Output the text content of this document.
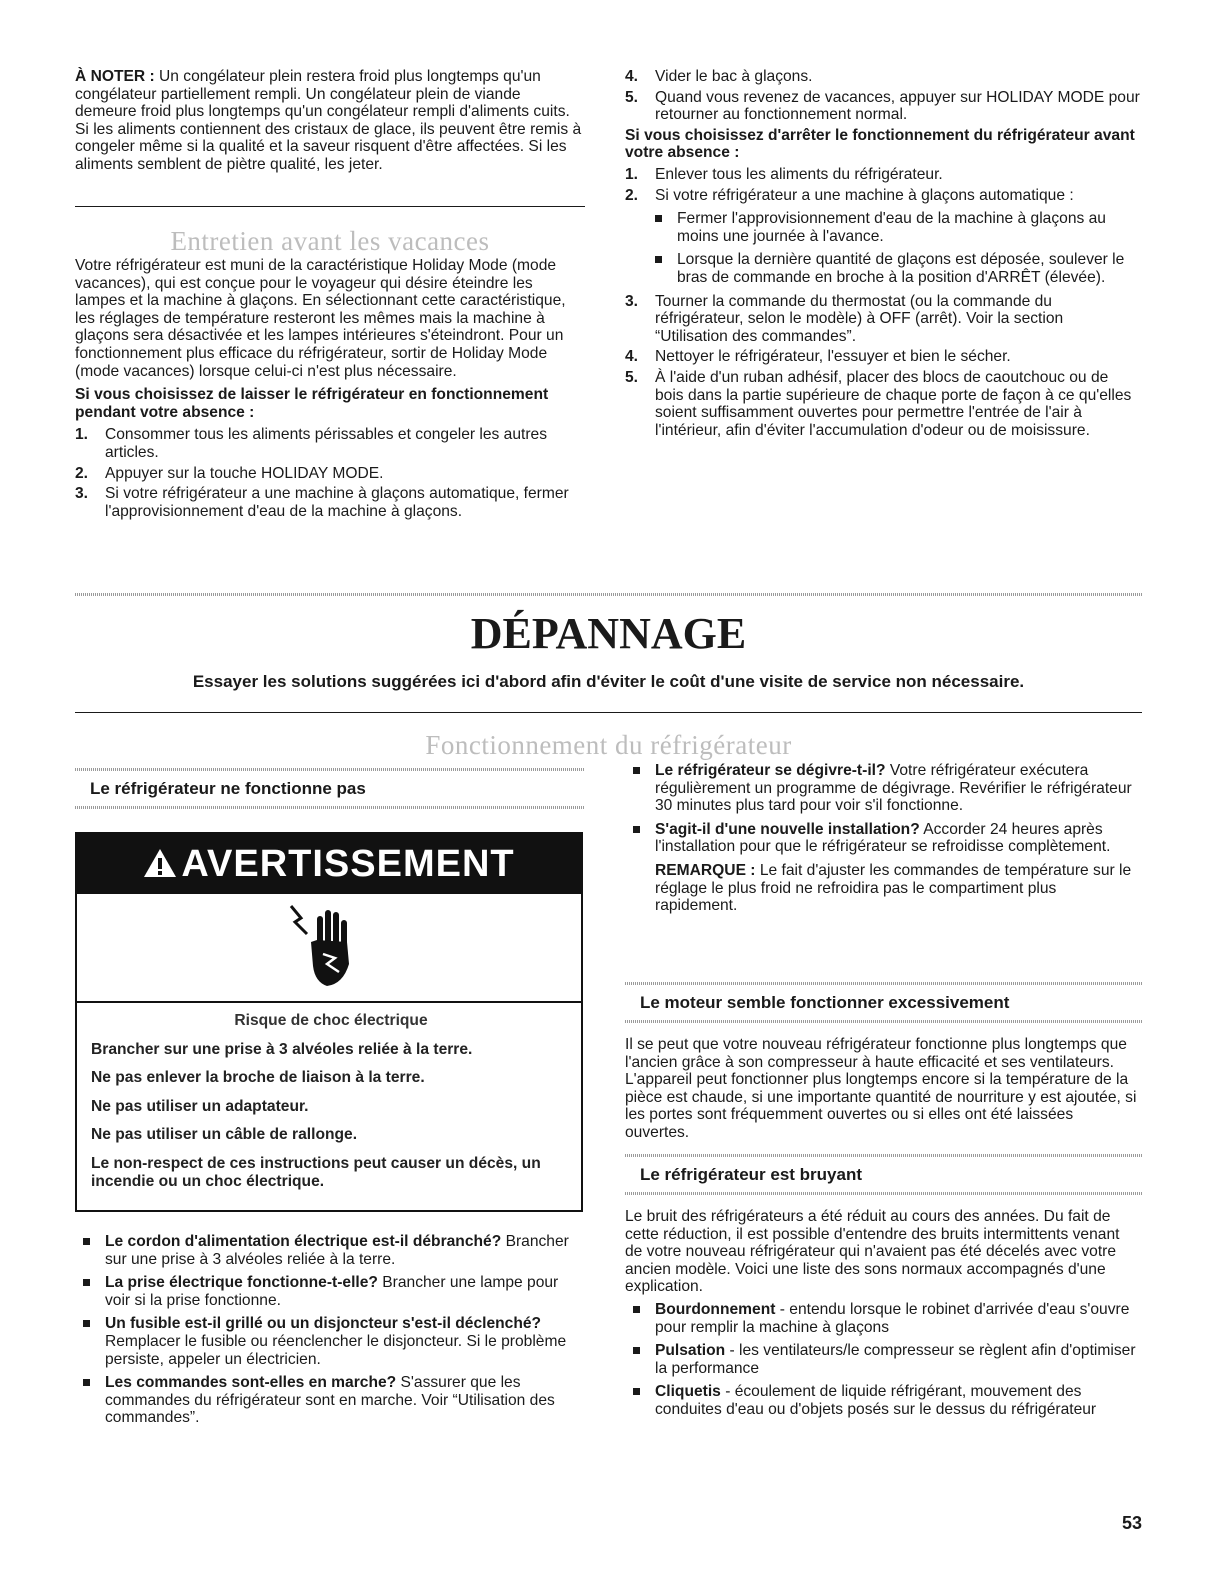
À NOTER : Un congélateur plein restera froid plus longtemps qu'un congélateur partiellement rempli. Un congélateur plein de viande demeure froid plus longtemps qu'un congélateur rempli d'aliments cuits. Si les aliments contiennent des cristaux de glace, ils peuvent être remis à congeler même si la qualité et la saveur risquent d'être affectées. Si les aliments semblent de piètre qualité, les jeter.

Entretien avant les vacances

Votre réfrigérateur est muni de la caractéristique Holiday Mode (mode vacances), qui est conçue pour le voyageur qui désire éteindre les lampes et la machine à glaçons. En sélectionnant cette caractéristique, les réglages de température resteront les mêmes mais la machine à glaçons sera désactivée et les lampes intérieures s'éteindront. Pour un fonctionnement plus efficace du réfrigérateur, sortir de Holiday Mode (mode vacances) lorsque celui-ci n'est plus nécessaire.

Si vous choisissez de laisser le réfrigérateur en fonctionnement pendant votre absence :

1.	Consommer tous les aliments périssables et congeler les autres articles.
2.	Appuyer sur la touche HOLIDAY MODE.
3.	Si votre réfrigérateur a une machine à glaçons automatique, fermer l'approvisionnement d'eau de la machine à glaçons.
4.	Vider le bac à glaçons.
5.	Quand vous revenez de vacances, appuyer sur HOLIDAY MODE pour retourner au fonctionnement normal.

Si vous choisissez d'arrêter le fonctionnement du réfrigérateur avant votre absence :

1.	Enlever tous les aliments du réfrigérateur.
2.	Si votre réfrigérateur a une machine à glaçons automatique :
Fermer l'approvisionnement d'eau de la machine à glaçons au moins une journée à l'avance.
Lorsque la dernière quantité de glaçons est déposée, soulever le bras de commande en broche à la position d'ARRÊT (élevée).
3.	Tourner la commande du thermostat (ou la commande du réfrigérateur, selon le modèle) à OFF (arrêt). Voir la section “Utilisation des commandes”.
4.	Nettoyer le réfrigérateur, l'essuyer et bien le sécher.
5.	À l'aide d'un ruban adhésif, placer des blocs de caoutchouc ou de bois dans la partie supérieure de chaque porte de façon à ce qu'elles soient suffisamment ouvertes pour permettre l'entrée de l'air à l'intérieur, afin d'éviter l'accumulation d'odeur ou de moisissure.
DÉPANNAGE
Essayer les solutions suggérées ici d'abord afin d'éviter le coût d'une visite de service non nécessaire.
Fonctionnement du réfrigérateur
Le réfrigérateur ne fonctionne pas
AVERTISSEMENT

Risque de choc électrique

Brancher sur une prise à 3 alvéoles reliée à la terre.

Ne pas enlever la broche de liaison à la terre.

Ne pas utiliser un adaptateur.

Ne pas utiliser un câble de rallonge.

Le non-respect de ces instructions peut causer un décès, un incendie ou un choc électrique.

Le cordon d'alimentation électrique est-il débranché? Brancher sur une prise à 3 alvéoles reliée à la terre.
La prise électrique fonctionne-t-elle? Brancher une lampe pour voir si la prise fonctionne.
Un fusible est-il grillé ou un disjoncteur s'est-il déclenché? Remplacer le fusible ou réenclencher le disjoncteur. Si le problème persiste, appeler un électricien.
Les commandes sont-elles en marche? S'assurer que les commandes du réfrigérateur sont en marche. Voir “Utilisation des commandes”.
Le réfrigérateur se dégivre-t-il? Votre réfrigérateur exécutera régulièrement un programme de dégivrage. Revérifier le réfrigérateur 30 minutes plus tard pour voir s'il fonctionne.
S'agit-il d'une nouvelle installation? Accorder 24 heures après l'installation pour que le réfrigérateur se refroidisse complètement.

REMARQUE : Le fait d'ajuster les commandes de température sur le réglage le plus froid ne refroidira pas le compartiment plus rapidement.

Le moteur semble fonctionner excessivement
Il se peut que votre nouveau réfrigérateur fonctionne plus longtemps que l'ancien grâce à son compresseur à haute efficacité et ses ventilateurs. L'appareil peut fonctionner plus longtemps encore si la température de la pièce est chaude, si une importante quantité de nourriture y est ajoutée, si les portes sont fréquemment ouvertes ou si elles ont été laissées ouvertes.
Le réfrigérateur est bruyant

Le bruit des réfrigérateurs a été réduit au cours des années. Du fait de cette réduction, il est possible d'entendre des bruits intermittents venant de votre nouveau réfrigérateur qui n'avaient pas été décelés avec votre ancien modèle. Voici une liste des sons normaux accompagnés d'une explication.

Bourdonnement - entendu lorsque le robinet d'arrivée d'eau s'ouvre pour remplir la machine à glaçons
Pulsation - les ventilateurs/le compresseur se règlent afin d'optimiser la performance
Cliquetis - écoulement de liquide réfrigérant, mouvement des conduites d'eau ou d'objets posés sur le dessus du réfrigérateur
53
